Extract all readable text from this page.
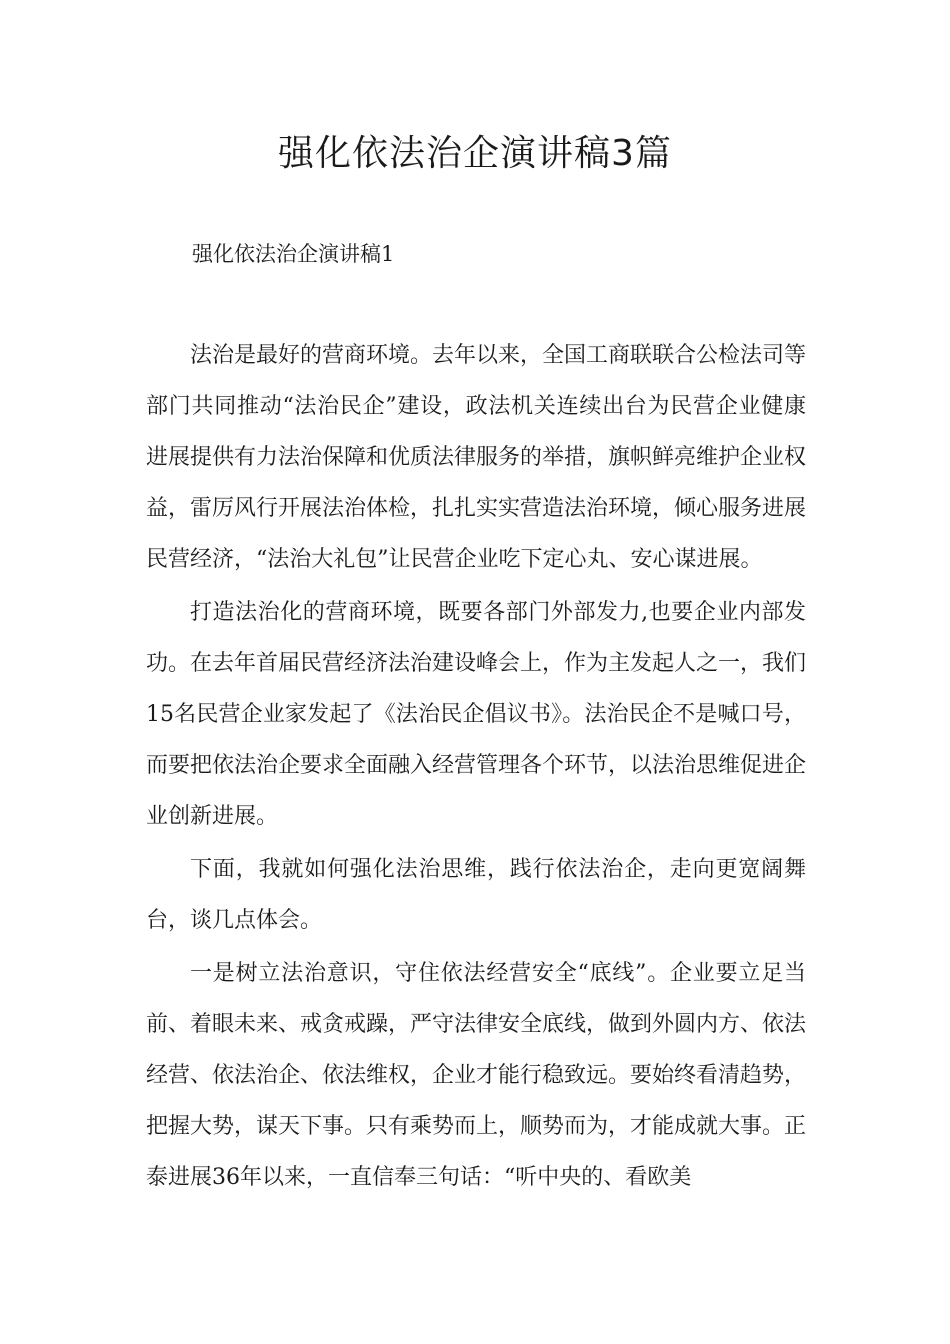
强化依法治企演讲稿3篇

强化依法治企演讲稿1

法治是最好的营商环境。去年以来，全国工商联联合公检法司等部门共同推动“法治民企”建设，政法机关连续出台为民营企业健康进展提供有力法治保障和优质法律服务的举措，旗帜鲜亮维护企业权益，雷厉风行开展法治体检，扎扎实实营造法治环境，倾心服务进展民营经济，“法治大礼包”让民营企业吃下定心丸、安心谋进展。

打造法治化的营商环境，既要各部门外部发力,也要企业内部发功。在去年首届民营经济法治建设峰会上，作为主发起人之一，我们15名民营企业家发起了《法治民企倡议书》。法治民企不是喊口号，而要把依法治企要求全面融入经营管理各个环节，以法治思维促进企业创新进展。

下面，我就如何强化法治思维，践行依法治企，走向更宽阔舞台，谈几点体会。

一是树立法治意识，守住依法经营安全“底线”。企业要立足当前、着眼未来、戒贪戒躁，严守法律安全底线，做到外圆内方、依法经营、依法治企、依法维权，企业才能行稳致远。要始终看清趋势，把握大势，谋天下事。只有乘势而上，顺势而为，才能成就大事。正泰进展36年以来，一直信奉三句话：“听中央的、看欧美
